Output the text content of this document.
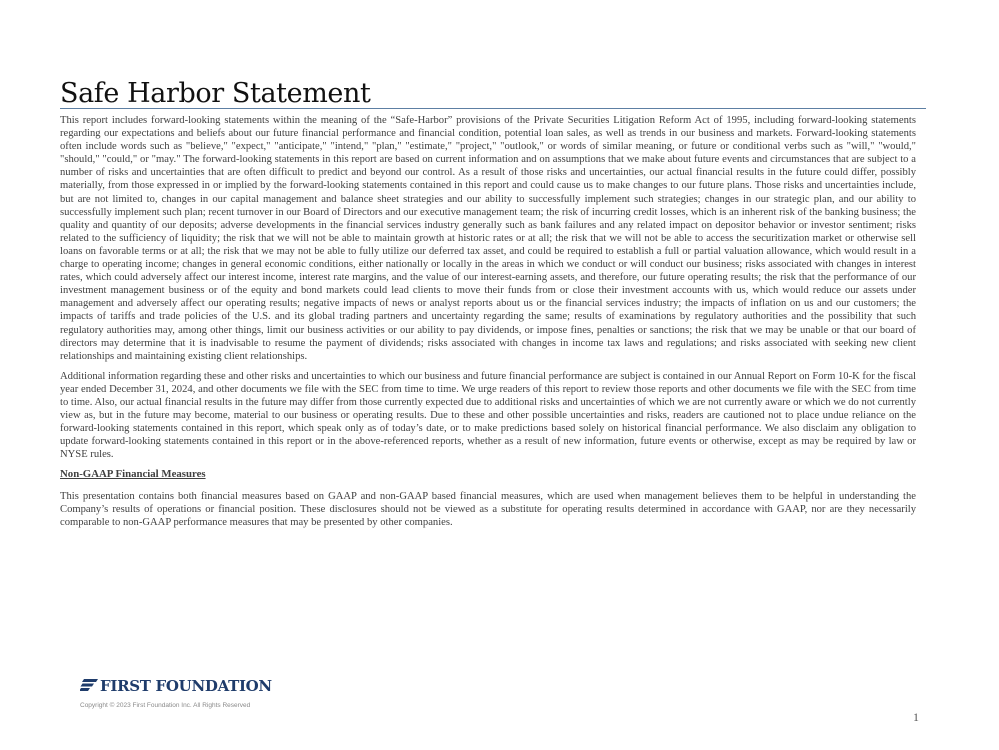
Safe Harbor Statement

This report includes forward-looking statements within the meaning of the “Safe-Harbor” provisions of the Private Securities Litigation Reform Act of 1995, including forward-looking statements regarding our expectations and beliefs about our future financial performance and financial condition, potential loan sales, as well as trends in our business and markets. Forward-looking statements often include words such as "believe," "expect," "anticipate," "intend," "plan," "estimate," "project," "outlook," or words of similar meaning, or future or conditional verbs such as "will," "would," "should," "could," or "may." The forward-looking statements in this report are based on current information and on assumptions that we make about future events and circumstances that are subject to a number of risks and uncertainties that are often difficult to predict and beyond our control. As a result of those risks and uncertainties, our actual financial results in the future could differ, possibly materially, from those expressed in or implied by the forward-looking statements contained in this report and could cause us to make changes to our future plans. Those risks and uncertainties include, but are not limited to, changes in our capital management and balance sheet strategies and our ability to successfully implement such strategies; changes in our strategic plan, and our ability to successfully implement such plan; recent turnover in our Board of Directors and our executive management team; the risk of incurring credit losses, which is an inherent risk of the banking business; the quality and quantity of our deposits; adverse developments in the financial services industry generally such as bank failures and any related impact on depositor behavior or investor sentiment; risks related to the sufficiency of liquidity; the risk that we will not be able to maintain growth at historic rates or at all; the risk that we will not be able to access the securitization market or otherwise sell loans on favorable terms or at all; the risk that we may not be able to fully utilize our deferred tax asset, and could be required to establish a full or partial valuation allowance, which would result in a charge to operating income; changes in general economic conditions, either nationally or locally in the areas in which we conduct or will conduct our business; risks associated with changes in interest rates, which could adversely affect our interest income, interest rate margins, and the value of our interest-earning assets, and therefore, our future operating results; the risk that the performance of our investment management business or of the equity and bond markets could lead clients to move their funds from or close their investment accounts with us, which would reduce our assets under management and adversely affect our operating results; negative impacts of news or analyst reports about us or the financial services industry; the impacts of inflation on us and our customers; the impacts of tariffs and trade policies of the U.S. and its global trading partners and uncertainty regarding the same; results of examinations by regulatory authorities and the possibility that such regulatory authorities may, among other things, limit our business activities or our ability to pay dividends, or impose fines, penalties or sanctions; the risk that we may be unable or that our board of directors may determine that it is inadvisable to resume the payment of dividends; risks associated with changes in income tax laws and regulations; and risks associated with seeking new client relationships and maintaining existing client relationships.

Additional information regarding these and other risks and uncertainties to which our business and future financial performance are subject is contained in our Annual Report on Form 10-K for the fiscal year ended December 31, 2024, and other documents we file with the SEC from time to time. We urge readers of this report to review those reports and other documents we file with the SEC from time to time. Also, our actual financial results in the future may differ from those currently expected due to additional risks and uncertainties of which we are not currently aware or which we do not currently view as, but in the future may become, material to our business or operating results. Due to these and other possible uncertainties and risks, readers are cautioned not to place undue reliance on the forward-looking statements contained in this report, which speak only as of today’s date, or to make predictions based solely on historical financial performance. We also disclaim any obligation to update forward-looking statements contained in this report or in the above-referenced reports, whether as a result of new information, future events or otherwise, except as may be required by law or NYSE rules.

Non-GAAP Financial Measures

This presentation contains both financial measures based on GAAP and non-GAAP based financial measures, which are used when management believes them to be helpful in understanding the Company’s results of operations or financial position. These disclosures should not be viewed as a substitute for operating results determined in accordance with GAAP, nor are they necessarily comparable to non-GAAP performance measures that may be presented by other companies.

FIRST FOUNDATION
Copyright © 2023 First Foundation Inc. All Rights Reserved
1
